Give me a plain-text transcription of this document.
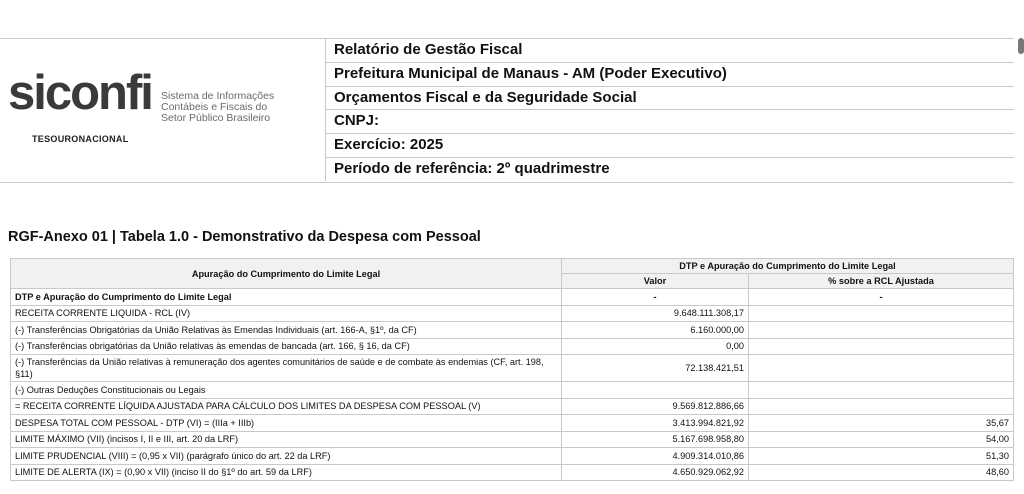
siconfi Sistema de Informações
Contábeis e Fiscais do
Setor Público Brasileiro
TESOURONACIONAL
Relatório de Gestão Fiscal
Prefeitura Municipal de Manaus - AM (Poder Executivo)
Orçamentos Fiscal e da Seguridade Social
CNPJ:
Exercício: 2025
Período de referência: 2º quadrimestre
RGF-Anexo 01 | Tabela 1.0 - Demonstrativo da Despesa com Pessoal
Apuração do Cumprimento do Limite Legal	DTP e Apuração do Cumprimento do Limite Legal	
	Valor	% sobre a RCL Ajustada
DTP e Apuração do Cumprimento do Limite Legal	-	-
RECEITA CORRENTE LIQUIDA - RCL (IV)	9.648.111.308,17	
(-) Transferências Obrigatórias da União Relativas às Emendas Individuais (art. 166-A, §1º, da CF)	6.160.000,00	
(-) Transferências obrigatórias da União relativas às emendas de bancada (art. 166, § 16, da CF)	0,00	
(-) Transferências da União relativas à remuneração dos agentes comunitários de saúde e de combate às endemias (CF, art. 198, §11)	72.138.421,51	
(-) Outras Deduções Constitucionais ou Legais		
= RECEITA CORRENTE LÍQUIDA AJUSTADA PARA CÁLCULO DOS LIMITES DA DESPESA COM PESSOAL (V)	9.569.812.886,66	
DESPESA TOTAL COM PESSOAL - DTP (VI) = (IIIa + IIIb)	3.413.994.821,92	35,67
LIMITE MÁXIMO (VII) (incisos I, II e III, art. 20 da LRF)	5.167.698.958,80	54,00
LIMITE PRUDENCIAL (VIII) = (0,95 x VII) (parágrafo único do art. 22 da LRF)	4.909.314.010,86	51,30
LIMITE DE ALERTA (IX) = (0,90 x VII) (inciso II do §1º do art. 59 da LRF)	4.650.929.062,92	48,60
